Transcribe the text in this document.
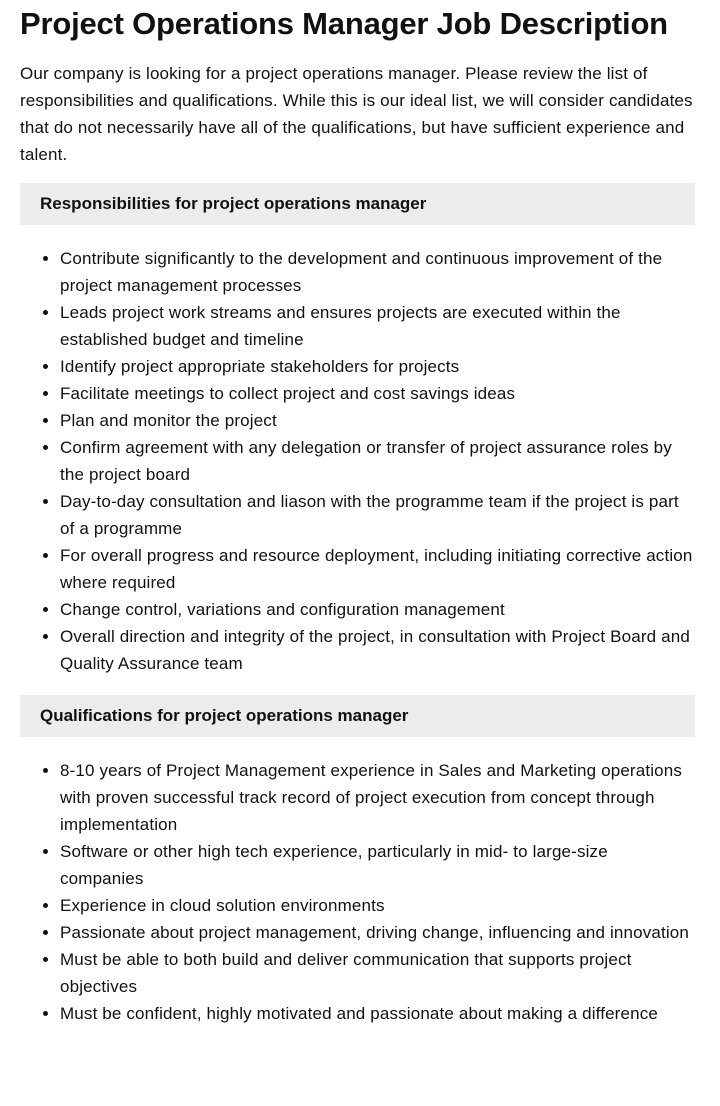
Project Operations Manager Job Description

Our company is looking for a project operations manager. Please review the list of responsibilities and qualifications. While this is our ideal list, we will consider candidates that do not necessarily have all of the qualifications, but have sufficient experience and talent.

Responsibilities for project operations manager
• Contribute significantly to the development and continuous improvement of the project management processes
• Leads project work streams and ensures projects are executed within the established budget and timeline
• Identify project appropriate stakeholders for projects
• Facilitate meetings to collect project and cost savings ideas
• Plan and monitor the project
• Confirm agreement with any delegation or transfer of project assurance roles by the project board
• Day-to-day consultation and liason with the programme team if the project is part of a programme
• For overall progress and resource deployment, including initiating corrective action where required
• Change control, variations and configuration management
• Overall direction and integrity of the project, in consultation with Project Board and Quality Assurance team
Qualifications for project operations manager
• 8-10 years of Project Management experience in Sales and Marketing operations with proven successful track record of project execution from concept through implementation
• Software or other high tech experience, particularly in mid- to large-size companies
• Experience in cloud solution environments
• Passionate about project management, driving change, influencing and innovation
• Must be able to both build and deliver communication that supports project objectives
• Must be confident, highly motivated and passionate about making a difference
